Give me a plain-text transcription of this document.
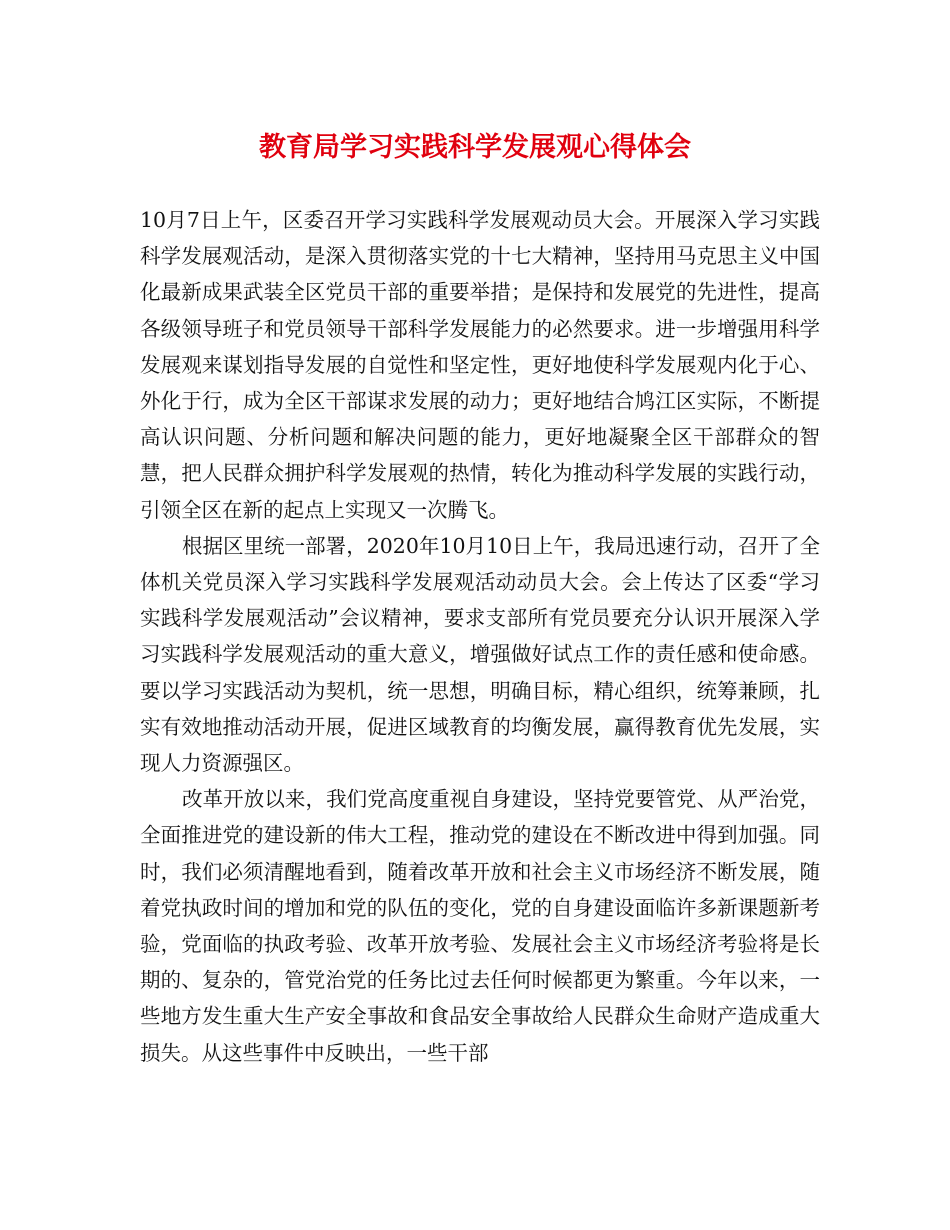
教育局学习实践科学发展观心得体会

10月7日上午，区委召开学习实践科学发展观动员大会。开展深入学习实践科学发展观活动，是深入贯彻落实党的十七大精神，坚持用马克思主义中国化最新成果武装全区党员干部的重要举措；是保持和发展党的先进性，提高各级领导班子和党员领导干部科学发展能力的必然要求。进一步增强用科学发展观来谋划指导发展的自觉性和坚定性，更好地使科学发展观内化于心、外化于行，成为全区干部谋求发展的动力；更好地结合鸠江区实际，不断提高认识问题、分析问题和解决问题的能力，更好地凝聚全区干部群众的智慧，把人民群众拥护科学发展观的热情，转化为推动科学发展的实践行动，引领全区在新的起点上实现又一次腾飞。

根据区里统一部署，2020年10月10日上午，我局迅速行动，召开了全体机关党员深入学习实践科学发展观活动动员大会。会上传达了区委“学习实践科学发展观活动”会议精神，要求支部所有党员要充分认识开展深入学习实践科学发展观活动的重大意义，增强做好试点工作的责任感和使命感。要以学习实践活动为契机，统一思想，明确目标，精心组织，统筹兼顾，扎实有效地推动活动开展，促进区域教育的均衡发展，赢得教育优先发展，实现人力资源强区。

改革开放以来，我们党高度重视自身建设，坚持党要管党、从严治党，全面推进党的建设新的伟大工程，推动党的建设在不断改进中得到加强。同时，我们必须清醒地看到，随着改革开放和社会主义市场经济不断发展，随着党执政时间的增加和党的队伍的变化，党的自身建设面临许多新课题新考验，党面临的执政考验、改革开放考验、发展社会主义市场经济考验将是长期的、复杂的，管党治党的任务比过去任何时候都更为繁重。今年以来，一些地方发生重大生产安全事故和食品安全事故给人民群众生命财产造成重大损失。从这些事件中反映出，一些干部
